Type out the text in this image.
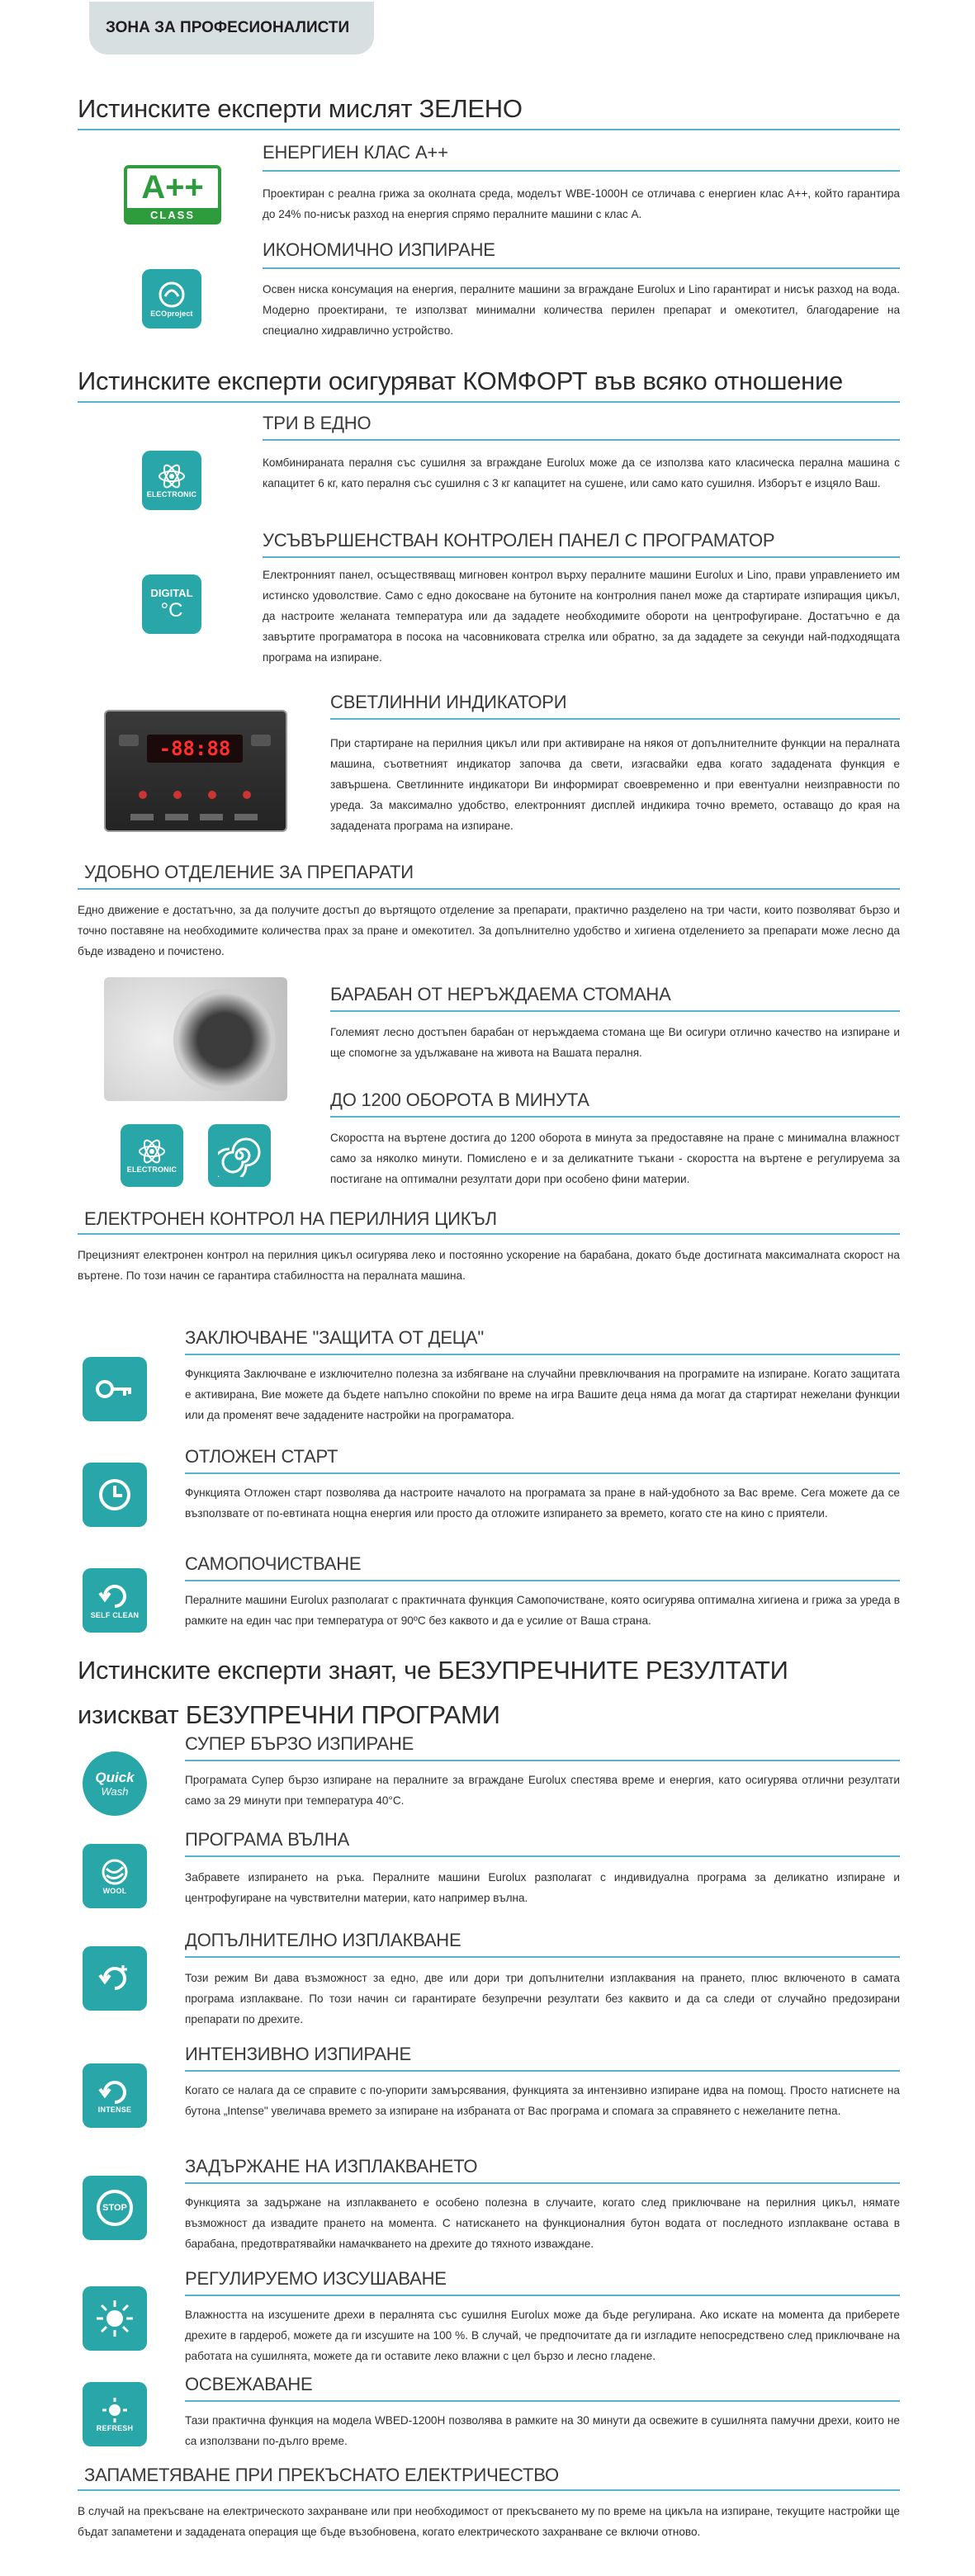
ЗОНА ЗА ПРОФЕСИОНАЛИСТИ
Истинските експерти мислят ЗЕЛЕНО
ЕНЕРГИЕН КЛАС А++
A++
CLASS
Проектиран с реална грижа за околната среда, моделът WBE-1000H се отличава с енергиен клас A++, който гарантира до 24% по-нисък разход на енергия спрямо пералните машини с клас А.
ИКОНОМИЧНО ИЗПИРАНЕ
ECOproject
Освен ниска консумация на енергия, пералните машини за вграждане Eurolux и Lino гарантират и нисък разход на вода. Модерно проектирани, те използват минимални количества перилен препарат и омекотител, благодарение на специално хидравлично устройство.
Истинските експерти осигуряват КОМФОРТ във всяко отношение
ТРИ В ЕДНО
ELECTRONIC
Комбинираната пералня със сушилня за вграждане Eurolux може да се използва като класическа перална машина с капацитет 6 кг, като пералня със сушилня с 3 кг капацитет на сушене, или само като сушилня. Изборът е изцяло Ваш.
УСЪВЪРШЕНСТВАН КОНТРОЛЕН ПАНЕЛ С ПРОГРАМАТОР
DIGITAL
°C
Електронният панел, осъществяващ мигновен контрол върху пералните машини Eurolux и Lino, прави управлението им истинско удоволствие. Само с едно докосване на бутоните на контролния панел може да стартирате изпиращия цикъл, да настроите желаната температура или да зададете необходимите обороти на центрофугиране. Достатъчно е да завъртите програматора в посока на часовниковата стрелка или обратно, за да зададете за секунди най-подходящата програма на изпиране.
СВЕТЛИННИ ИНДИКАТОРИ
-88:88	При стартиране на перилния цикъл или при активиране на някоя от допълнителните функции на пералната машина, съответният индикатор започва да свети, изгасвайки едва когато зададената функция е завършена. Светлинните индикатори Ви информират своевременно и при евентуални неизправности по уреда. За максимално удобство, електронният дисплей индикира точно времето, оставащо до края на зададената програма на изпиране.
УДОБНО ОТДЕЛЕНИЕ ЗА ПРЕПАРАТИ
Едно движение е достатъчно, за да получите достъп до въртящото отделение за препарати, практично разделено на три части, които позволяват бързо и точно поставяне на необходимите количества прах за пране и омекотител. За допълнително удобство и хигиена отделението за препарати може лесно да бъде извадено и почистено.
БАРАБАН ОТ НЕРЪЖДАЕМА СТОМАНА
Големият лесно достъпен барабан от неръждаема стомана ще Ви осигури отлично качество на изпиране и ще спомогне за удължаване на живота на Вашата пералня.
ДО 1200 ОБОРОТА В МИНУТА
ELECTRONIC
Скоростта на въртене достига до 1200 оборота в минута за предоставяне на пране с минимална влажност само за няколко минути. Помислено е и за деликатните тъкани - скоростта на въртене е регулируема за постигане на оптимални резултати дори при особено фини материи.
ЕЛЕКТРОНЕН КОНТРОЛ НА ПЕРИЛНИЯ ЦИКЪЛ
Прецизният електронен контрол на перилния цикъл осигурява леко и постоянно ускорение на барабана, докато бъде достигната максималната скорост на въртене. По този начин се гарантира стабилността на пералната машина.
ЗАКЛЮЧВАНЕ "ЗАЩИТА ОТ ДЕЦА"
Функцията Заключване е изключително полезна за избягване на случайни превключвания на програмите на изпиране. Когато защитата е активирана, Вие можете да бъдете напълно спокойни по време на игра Вашите деца няма да могат да стартират нежелани функции или да променят вече зададените настройки на програматора.
ОТЛОЖЕН СТАРТ
Функцията Отложен старт позволява да настроите началото на програмата за пране в най-удобното за Вас време. Сега можете да се възползвате от по-евтината нощна енергия или просто да отложите изпирането за времето, когато сте на кино с приятели.
САМОПОЧИСТВАНЕ
SELF CLEAN
Пералните машини Eurolux разполагат с практичната функция Самопочистване, която осигурява оптимална хигиена и грижа за уреда в рамките на един час при температура от 90ºС без каквото и да е усилие от Ваша страна.
Истинските експерти знаят, че БЕЗУПРЕЧНИТЕ РЕЗУЛТАТИ
изискват БЕЗУПРЕЧНИ ПРОГРАМИ
СУПЕР БЪРЗО ИЗПИРАНЕ
Quick
Wash
Програмата Супер бързо изпиране на пералните за вграждане Eurolux спестява време и енергия, като осигурява отлични резултати само за 29 минути при температура 40°С.
ПРОГРАМА ВЪЛНА
WOOL
Забравете изпирането на ръка. Пералните машини Eurolux разполагат с индивидуална програма за деликатно изпиране и центрофугиране на чувствителни материи, като например вълна.
ДОПЪЛНИТЕЛНО ИЗПЛАКВАНЕ
Този режим Ви дава възможност за едно, две или дори три допълнителни изплаквания на прането, плюс включеното в самата програма изплакване. По този начин си гарантирате безупречни резултати без каквито и да са следи от случайно предозирани препарати по дрехите.
ИНТЕНЗИВНО ИЗПИРАНЕ
INTENSE
Когато се налага да се справите с по-упорити замърсявания, функцията за интензивно изпиране идва на помощ. Просто натиснете на бутона „Intense" увеличава времето за изпиране на избраната от Вас програма и спомага за справянето с нежеланите петна.
ЗАДЪРЖАНЕ НА ИЗПЛАКВАНЕТО
STOP	Функцията за задържане на изплакването е особено полезна в случаите, когато след приключване на перилния цикъл, нямате възможност да извадите прането на момента. С натискането на функционалния бутон водата от последното изплакване остава в барабана, предотвратявайки намачкването на дрехите до тяхното изваждане.
РЕГУЛИРУЕМО ИЗСУШАВАНЕ
Влажността на изсушените дрехи в пералнята със сушилня Eurolux може да бъде регулирана. Ако искате на момента да приберете дрехите в гардероб, можете да ги изсушите на 100 %. В случай, че предпочитате да ги изгладите непосредствено след приключване на работата на сушилнята, можете да ги оставите леко влажни с цел бързо и лесно гладене.
ОСВЕЖАВАНЕ
REFRESH
Тази практична функция на модела WBED-1200H позволява в рамките на 30 минути да освежите в сушилнята памучни дрехи, които не са използвани по-дълго време.
ЗАПАМЕТЯВАНЕ ПРИ ПРЕКЪСНАТО ЕЛЕКТРИЧЕСТВО
В случай на прекъсване на електрическото захранване или при необходимост от прекъсването му по време на цикъла на изпиране, текущите настройки ще бъдат запаметени и зададената операция ще бъде възобновена, когато електрическото захранване се включи отново.
